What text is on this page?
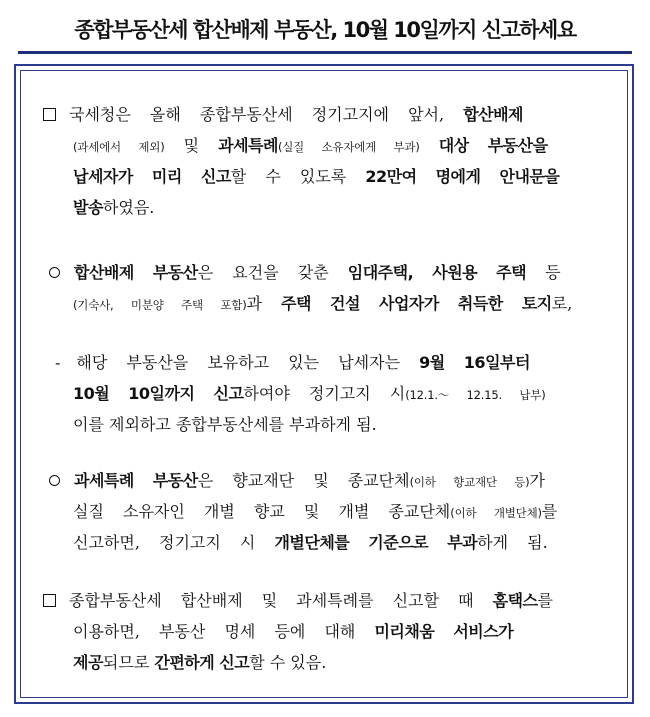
종합부동산세 합산배제 부동산, 10월 10일까지 신고하세요
국세청은 올해 종합부동산세 정기고지에 앞서, 합산배제
(과세에서 제외) 및 과세특례(실질 소유자에게 부과) 대상 부동산을
납세자가 미리 신고할 수 있도록 22만여 명에게 안내문을
발송하였음.
합산배제 부동산은 요건을 갖춘 임대주택, 사원용 주택 등
(기숙사, 미분양 주택 포함)과 주택 건설 사업자가 취득한 토지로,
- 해당 부동산을 보유하고 있는 납세자는 9월 16일부터
10월 10일까지 신고하여야 정기고지 시(12.1.～ 12.15. 납부)
이를 제외하고 종합부동산세를 부과하게 됨.
과세특례 부동산은 향교재단 및 종교단체(이하 향교재단 등)가
실질 소유자인 개별 향교 및 개별 종교단체(이하 개별단체)를
신고하면, 정기고지 시 개별단체를 기준으로 부과하게 됨.
종합부동산세 합산배제 및 과세특례를 신고할 때 홈택스를
이용하면, 부동산 명세 등에 대해 미리채움 서비스가
제공되므로 간편하게 신고할 수 있음.
